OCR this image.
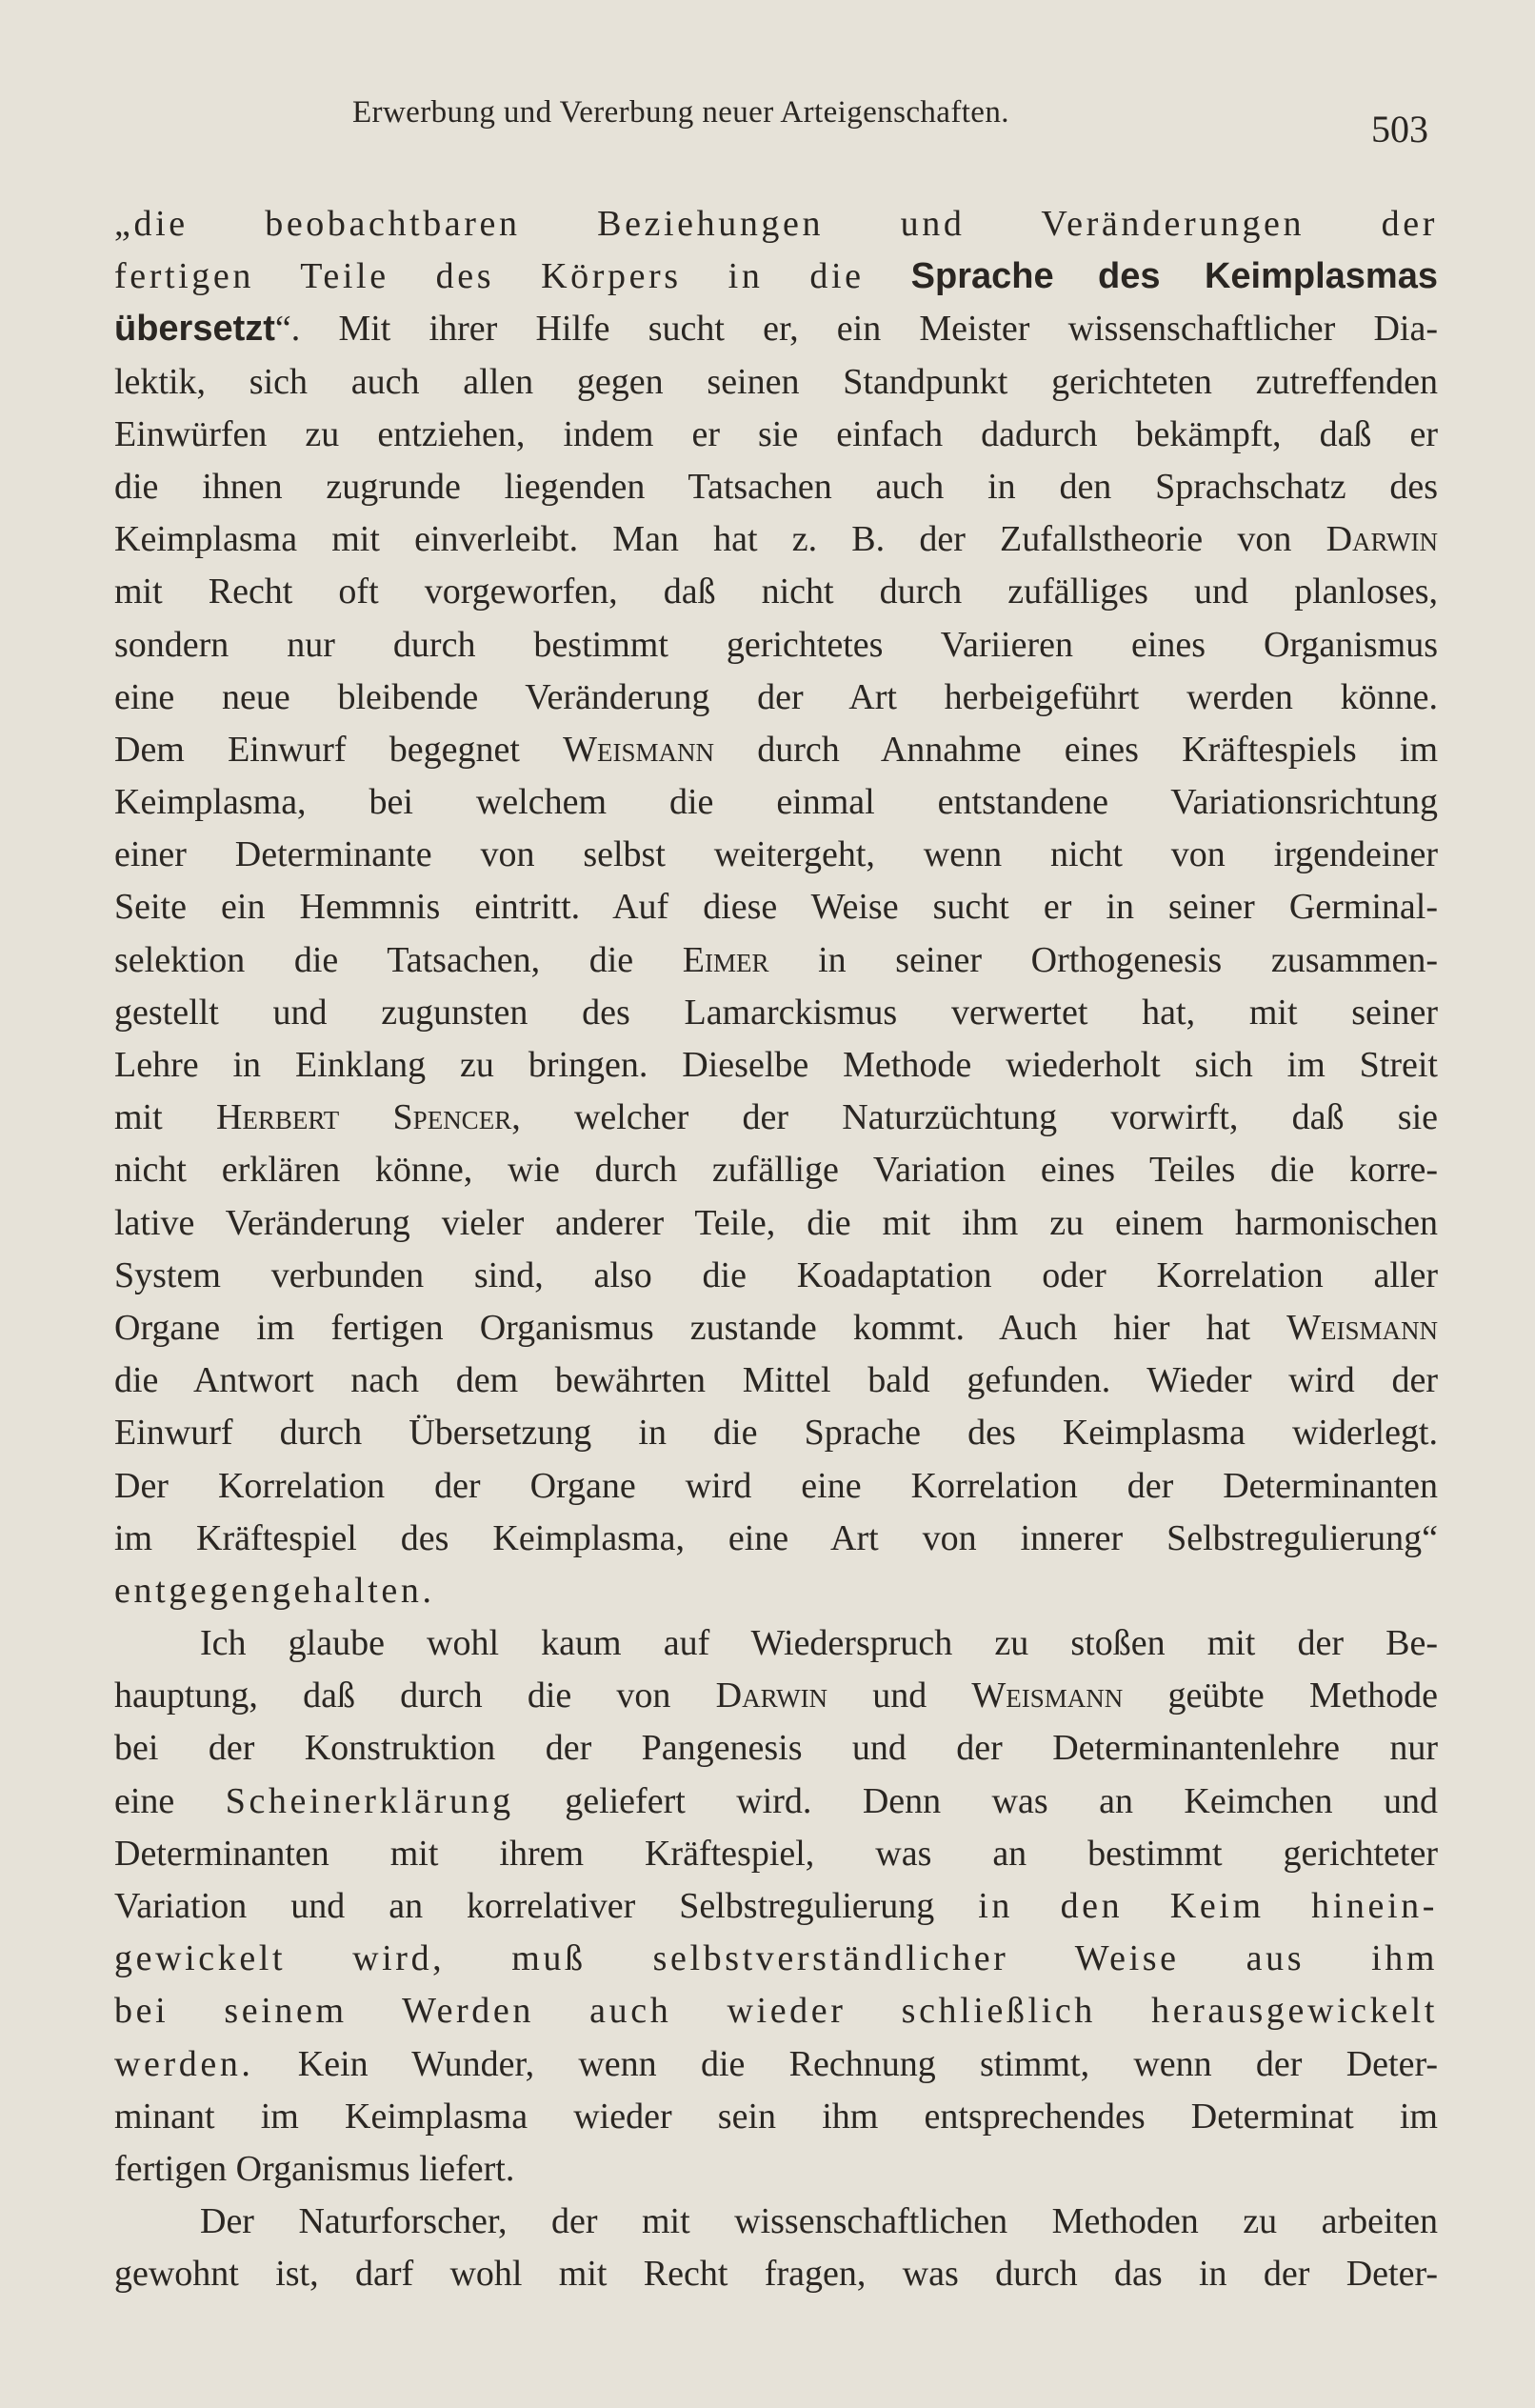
Erwerbung und Vererbung neuer Arteigenschaften.	503
„die beobachtbaren Beziehungen und Veränderungen der
fertigen Teile des Körpers in die Sprache des Keimplasmas
übersetzt“. Mit ihrer Hilfe sucht er, ein Meister wissenschaftlicher Dia-
lektik, sich auch allen gegen seinen Standpunkt gerichteten zutreffenden
Einwürfen zu entziehen, indem er sie einfach dadurch bekämpft, daß er
die ihnen zugrunde liegenden Tatsachen auch in den Sprachschatz des
Keimplasma mit einverleibt. Man hat z. B. der Zufallstheorie von Darwin
mit Recht oft vorgeworfen, daß nicht durch zufälliges und planloses,
sondern nur durch bestimmt gerichtetes Variieren eines Organismus
eine neue bleibende Veränderung der Art herbeigeführt werden könne.
Dem Einwurf begegnet Weismann durch Annahme eines Kräftespiels im
Keimplasma, bei welchem die einmal entstandene Variationsrichtung
einer Determinante von selbst weitergeht, wenn nicht von irgendeiner
Seite ein Hemmnis eintritt. Auf diese Weise sucht er in seiner Germinal-
selektion die Tatsachen, die Eimer in seiner Orthogenesis zusammen-
gestellt und zugunsten des Lamarckismus verwertet hat, mit seiner
Lehre in Einklang zu bringen. Dieselbe Methode wiederholt sich im Streit
mit Herbert Spencer, welcher der Naturzüchtung vorwirft, daß sie
nicht erklären könne, wie durch zufällige Variation eines Teiles die korre-
lative Veränderung vieler anderer Teile, die mit ihm zu einem harmonischen
System verbunden sind, also die Koadaptation oder Korrelation aller
Organe im fertigen Organismus zustande kommt. Auch hier hat Weismann
die Antwort nach dem bewährten Mittel bald gefunden. Wieder wird der
Einwurf durch Übersetzung in die Sprache des Keimplasma widerlegt.
Der Korrelation der Organe wird eine Korrelation der Determinanten
im Kräftespiel des Keimplasma, eine Art von innerer Selbstregulierung“
entgegengehalten.
Ich glaube wohl kaum auf Wiederspruch zu stoßen mit der Be-
hauptung, daß durch die von Darwin und Weismann geübte Methode
bei der Konstruktion der Pangenesis und der Determinantenlehre nur
eine Scheinerklärung geliefert wird. Denn was an Keimchen und
Determinanten mit ihrem Kräftespiel, was an bestimmt gerichteter
Variation und an korrelativer Selbstregulierung in den Keim hinein-
gewickelt wird, muß selbstverständlicher Weise aus ihm
bei seinem Werden auch wieder schließlich herausgewickelt
werden. Kein Wunder, wenn die Rechnung stimmt, wenn der Deter-
minant im Keimplasma wieder sein ihm entsprechendes Determinat im
fertigen Organismus liefert.
Der Naturforscher, der mit wissenschaftlichen Methoden zu arbeiten
gewohnt ist, darf wohl mit Recht fragen, was durch das in der Deter-
